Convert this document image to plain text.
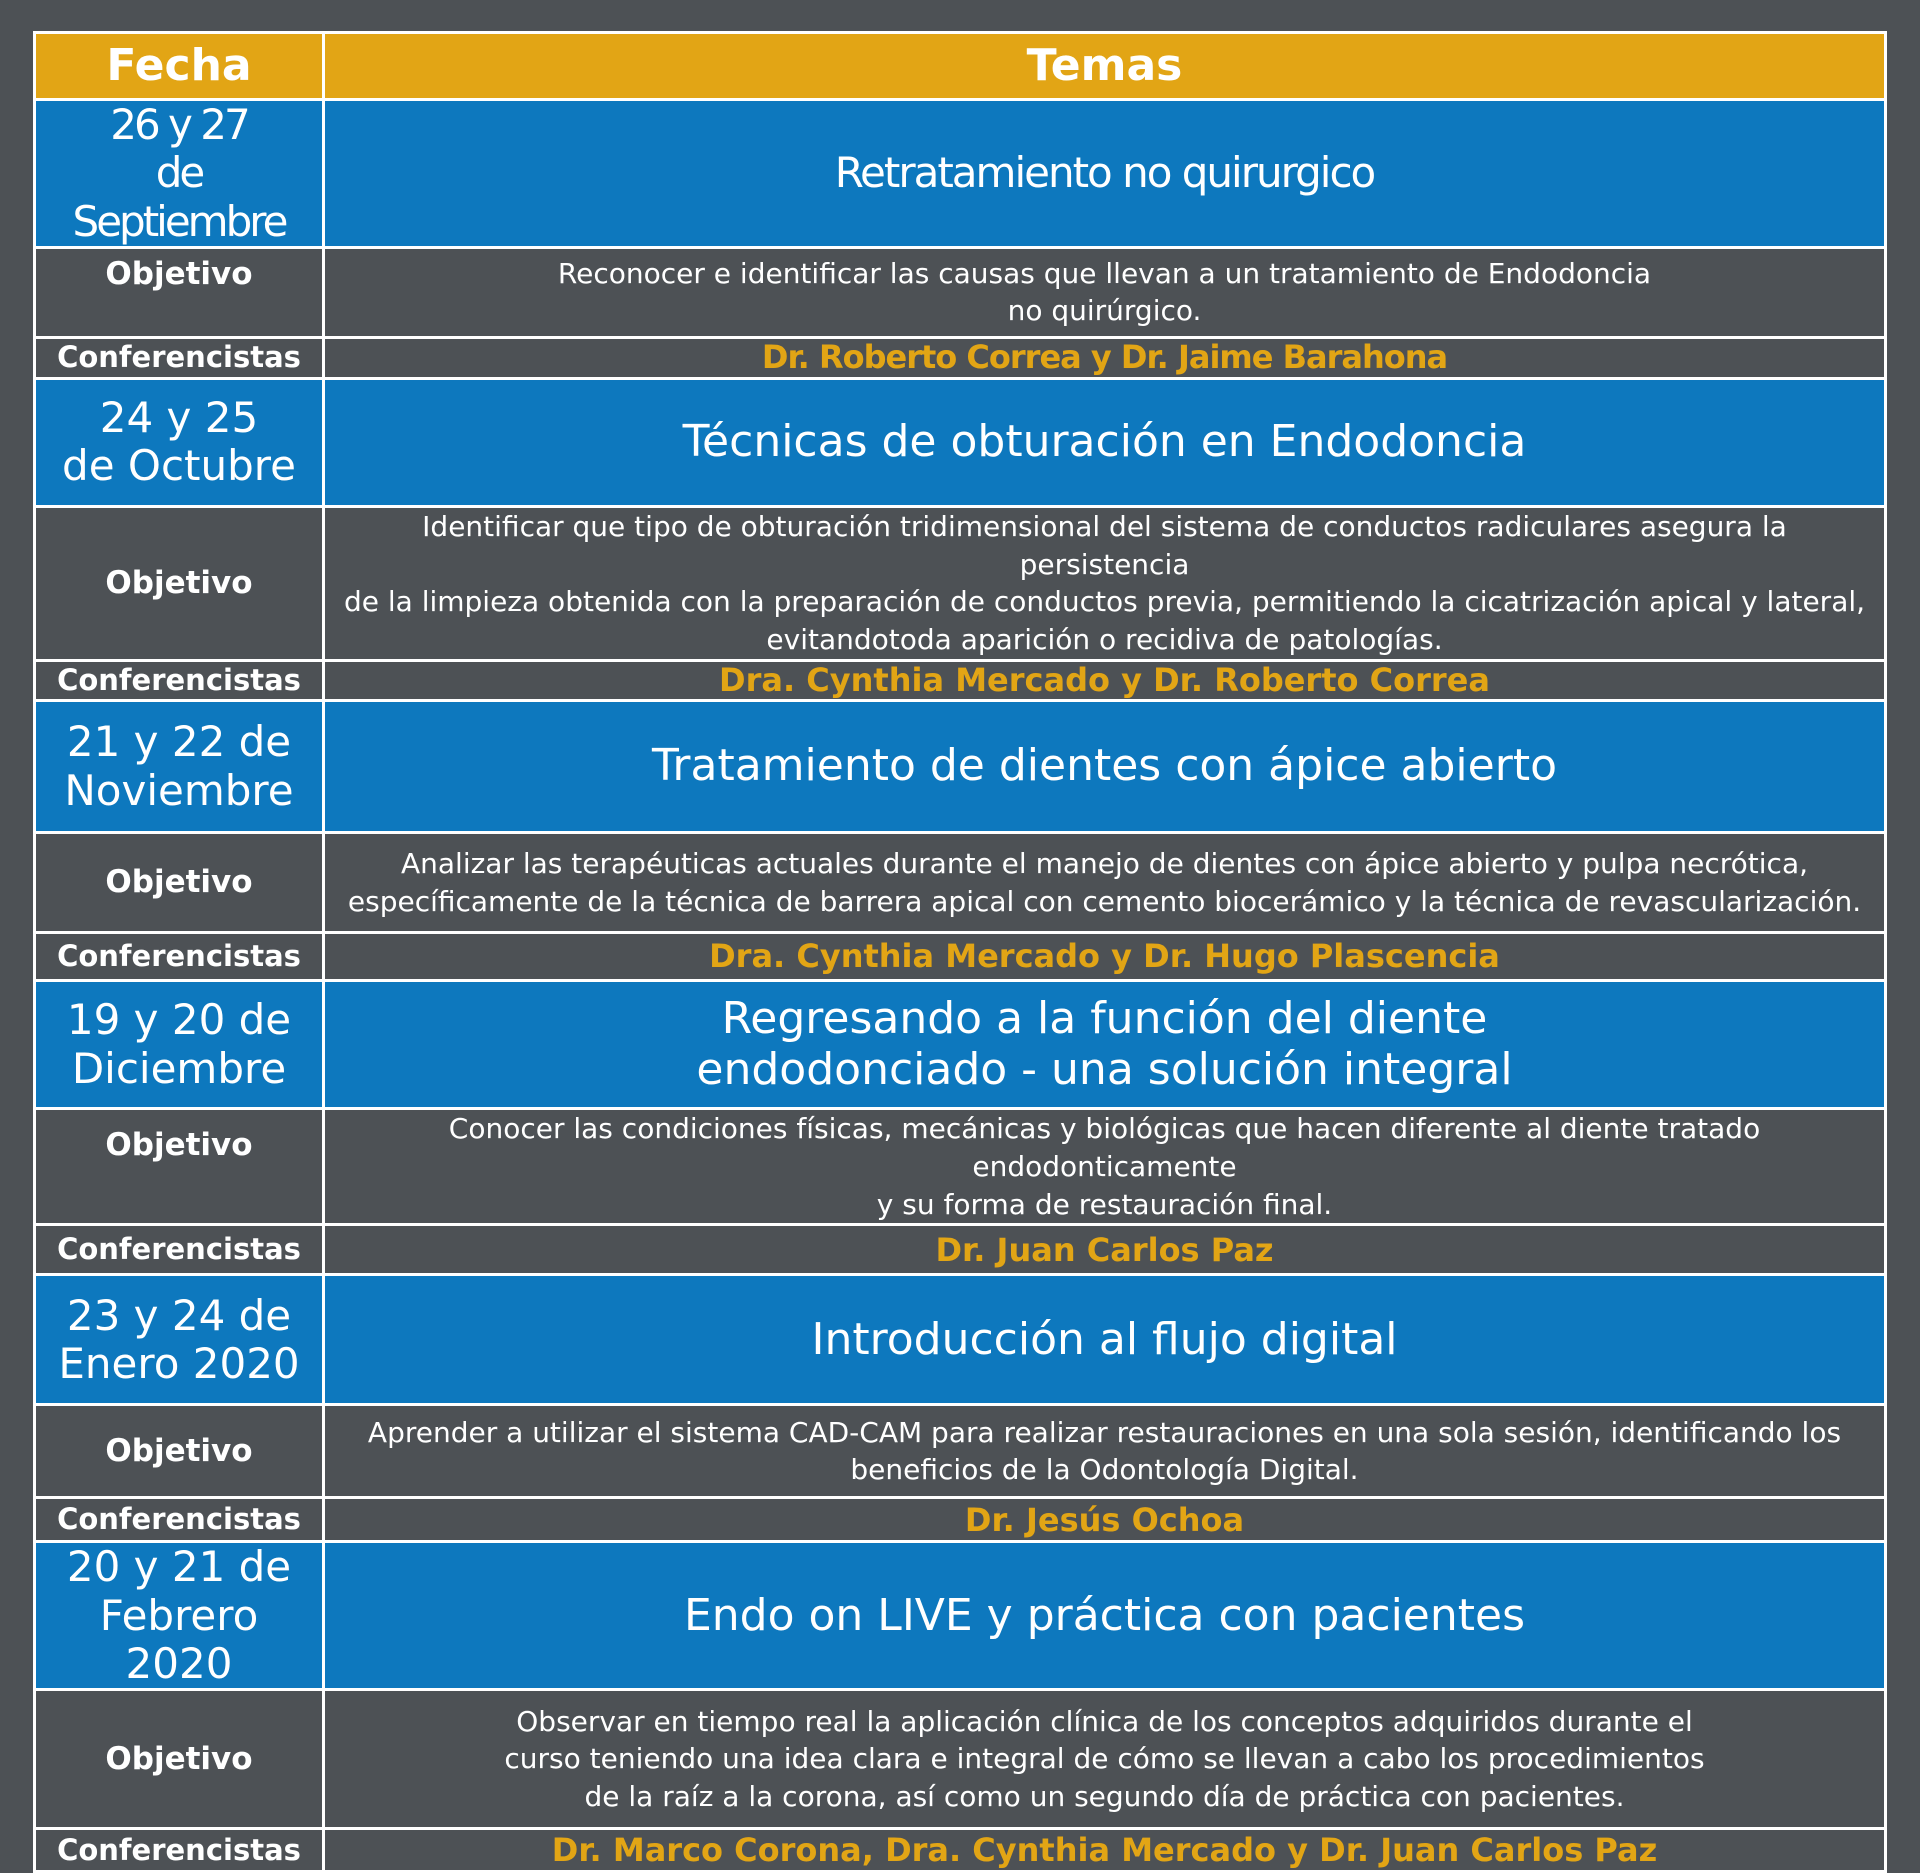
Fecha	Temas
26 y 27
de Septiembre	Retratamiento no quirurgico
Objetivo	Reconocer e identificar las causas que llevan a un tratamiento de Endodoncia
no quirúrgico.
Conferencistas	Dr. Roberto Correa y Dr. Jaime Barahona
24 y 25
de Octubre	Técnicas de obturación en Endodoncia
Objetivo	Identificar que tipo de obturación tridimensional del sistema de conductos radiculares asegura la persistencia
de la limpieza obtenida con la preparación de conductos previa, permitiendo la cicatrización apical y lateral,
evitandotoda aparición o recidiva de patologías.
Conferencistas	Dra. Cynthia Mercado y Dr. Roberto Correa
21 y 22 de
Noviembre	Tratamiento de dientes con ápice abierto
Objetivo	Analizar las terapéuticas actuales durante el manejo de dientes con ápice abierto y pulpa necrótica,
específicamente de la técnica de barrera apical con cemento biocerámico y la técnica de revascularización.
Conferencistas	Dra. Cynthia Mercado y Dr. Hugo Plascencia
19 y 20 de
Diciembre	Regresando a la función del diente
endodonciado - una solución integral
Objetivo	Conocer las condiciones físicas, mecánicas y biológicas que hacen diferente al diente tratado endodonticamente
y su forma de restauración final.
Conferencistas	Dr. Juan Carlos Paz
23 y 24 de
Enero 2020	Introducción al flujo digital
Objetivo	Aprender a utilizar el sistema CAD-CAM para realizar restauraciones en una sola sesión, identificando los
beneficios de la Odontología Digital.
Conferencistas	Dr. Jesús Ochoa
20 y 21 de
Febrero 2020	Endo on LIVE y práctica con pacientes
Objetivo	Observar en tiempo real la aplicación clínica de los conceptos adquiridos durante el
curso teniendo una idea clara e integral de cómo se llevan a cabo los procedimientos
de la raíz a la corona, así como un segundo día de práctica con pacientes.
Conferencistas	Dr. Marco Corona, Dra. Cynthia Mercado y Dr. Juan Carlos Paz
